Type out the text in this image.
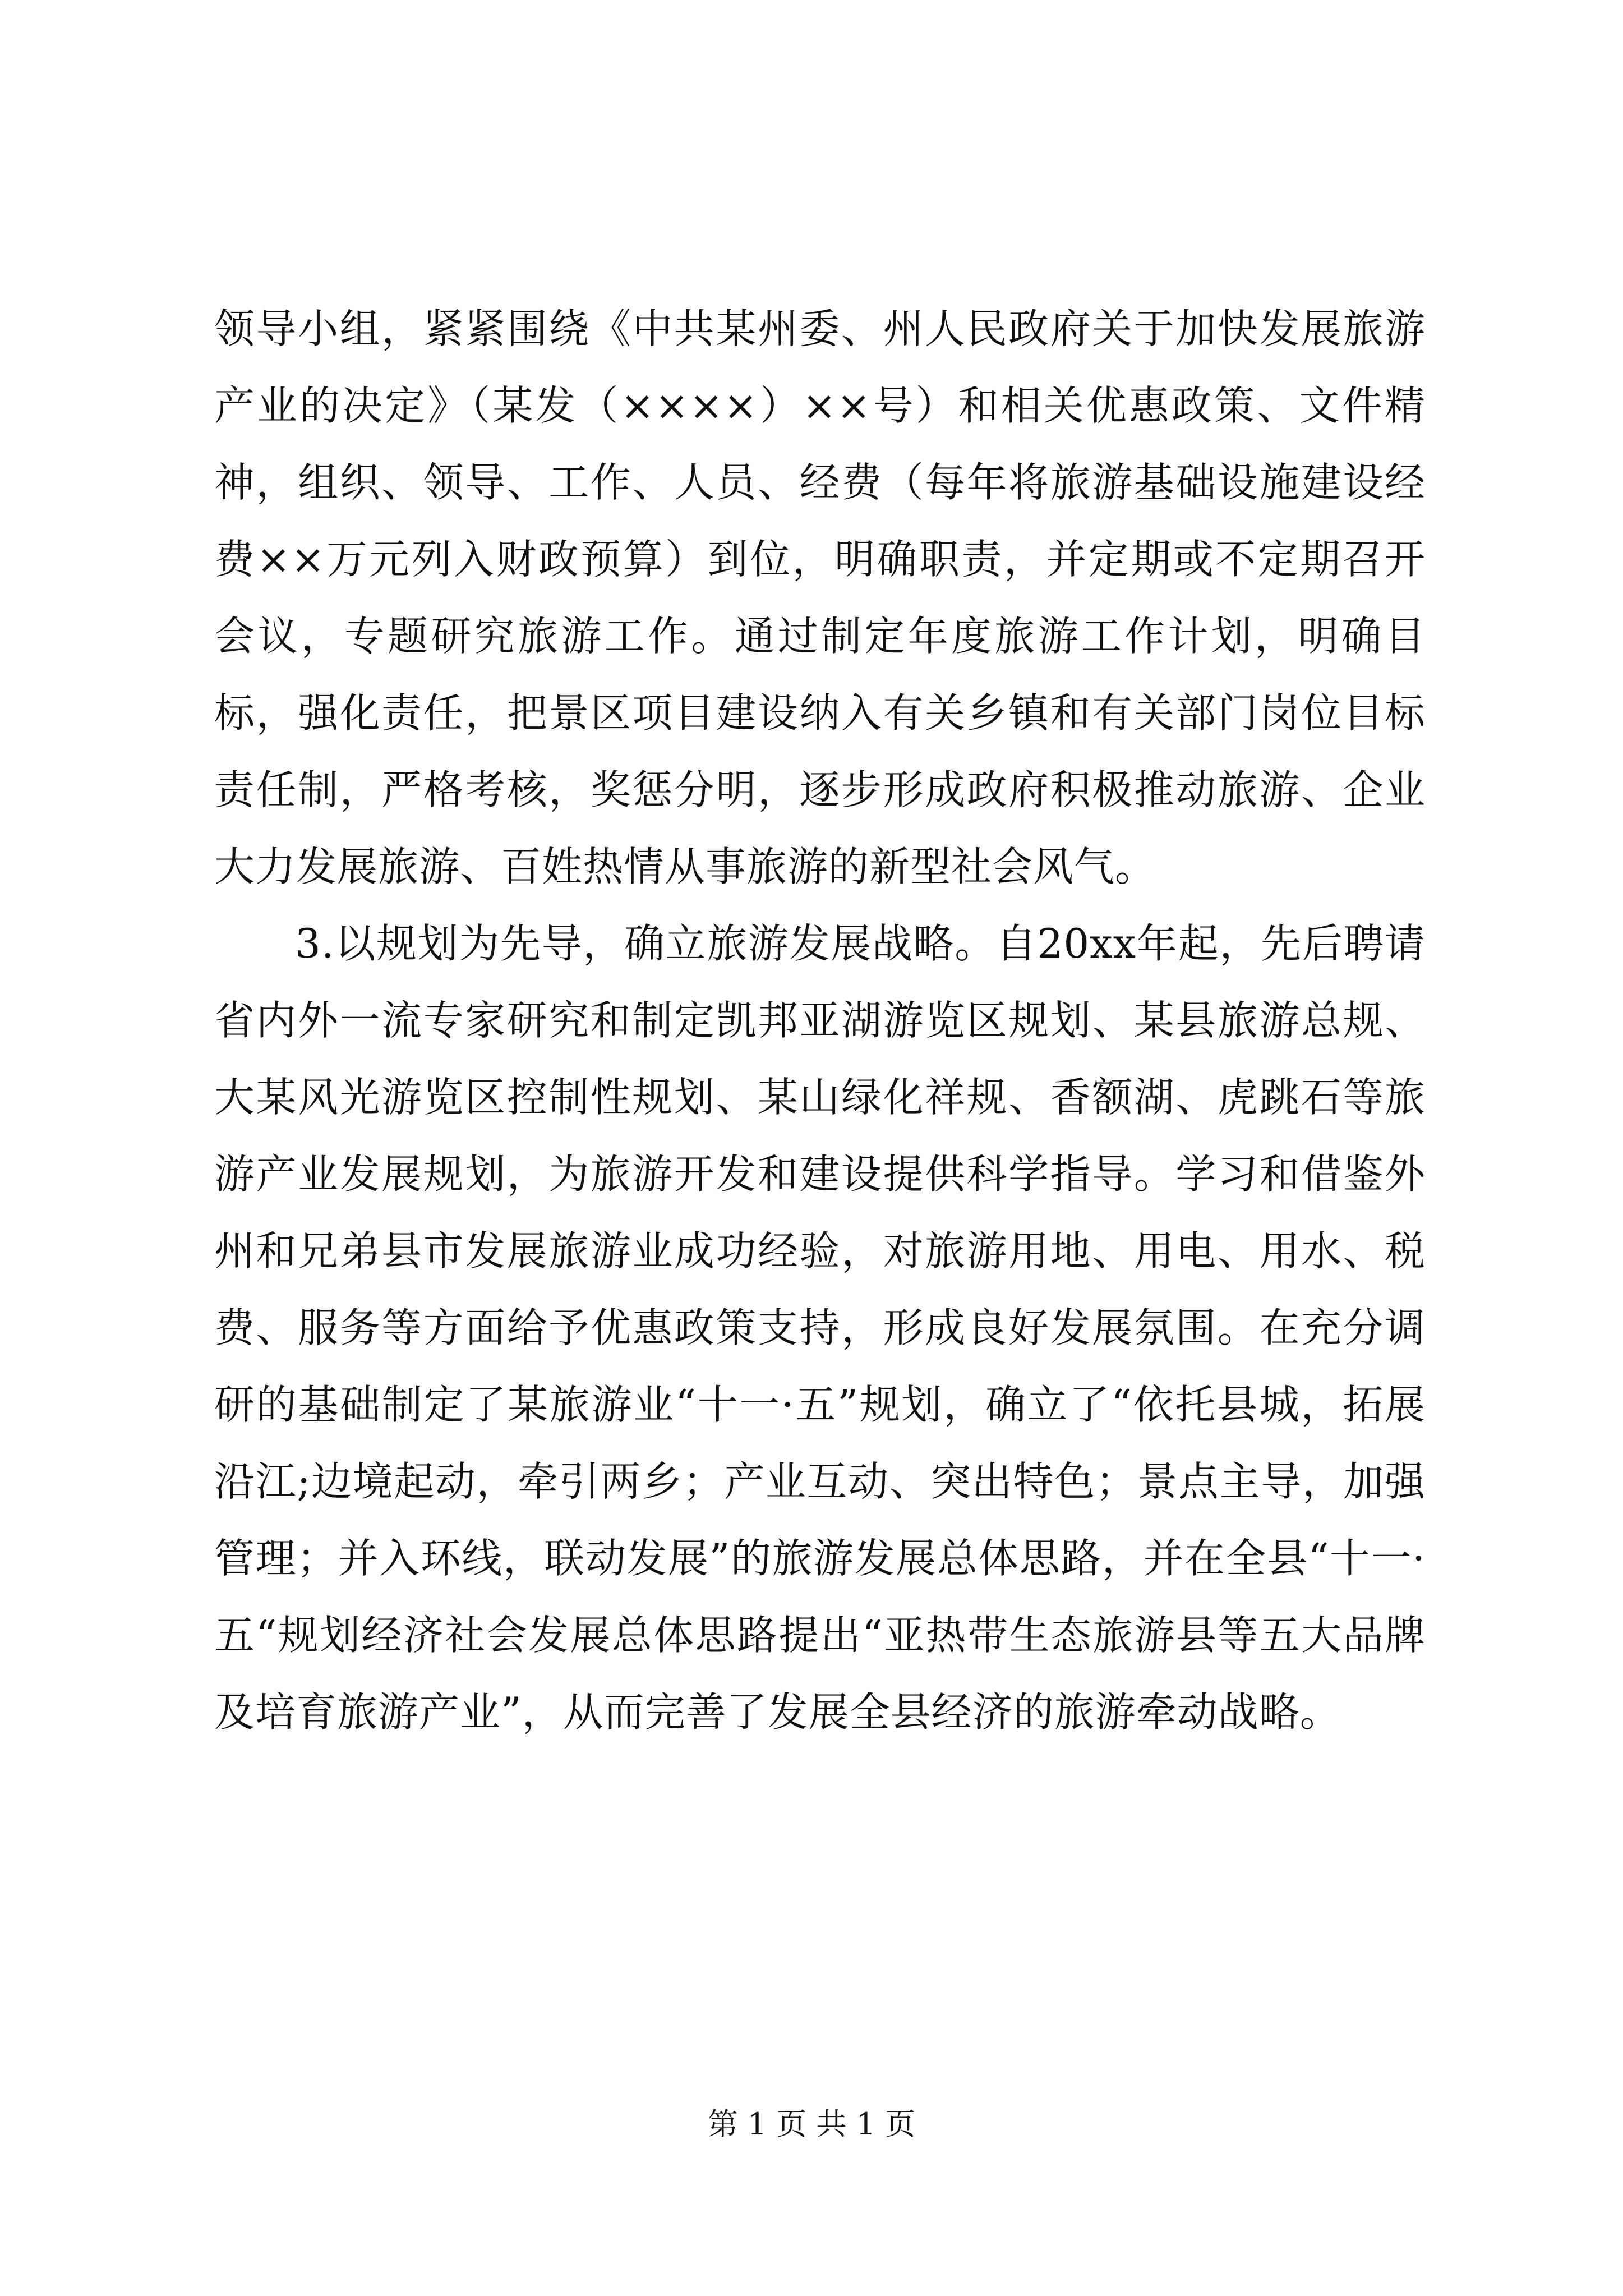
领导小组，紧紧围绕《中共某州委、州人民政府关于加快发展旅游产业的决定》（某发（××××）××号）和相关优惠政策、文件精神，组织、领导、工作、人员、经费（每年将旅游基础设施建设经费××万元列入财政预算）到位，明确职责，并定期或不定期召开会议，专题研究旅游工作。通过制定年度旅游工作计划，明确目标，强化责任，把景区项目建设纳入有关乡镇和有关部门岗位目标责任制，严格考核，奖惩分明，逐步形成政府积极推动旅游、企业大力发展旅游、百姓热情从事旅游的新型社会风气。

3.以规划为先导，确立旅游发展战略。自20xx年起，先后聘请省内外一流专家研究和制定凯邦亚湖游览区规划、某县旅游总规、大某风光游览区控制性规划、某山绿化祥规、香额湖、虎跳石等旅游产业发展规划，为旅游开发和建设提供科学指导。学习和借鉴外州和兄弟县市发展旅游业成功经验，对旅游用地、用电、用水、税费、服务等方面给予优惠政策支持，形成良好发展氛围。在充分调研的基础制定了某旅游业“十一·五”规划，确立了“依托县城，拓展沿江;边境起动，牵引两乡；产业互动、突出特色；景点主导，加强管理；并入环线，联动发展”的旅游发展总体思路，并在全县“十一·五“规划经济社会发展总体思路提出“亚热带生态旅游县等五大品牌及培育旅游产业”，从而完善了发展全县经济的旅游牵动战略。

第 1 页 共 1 页
